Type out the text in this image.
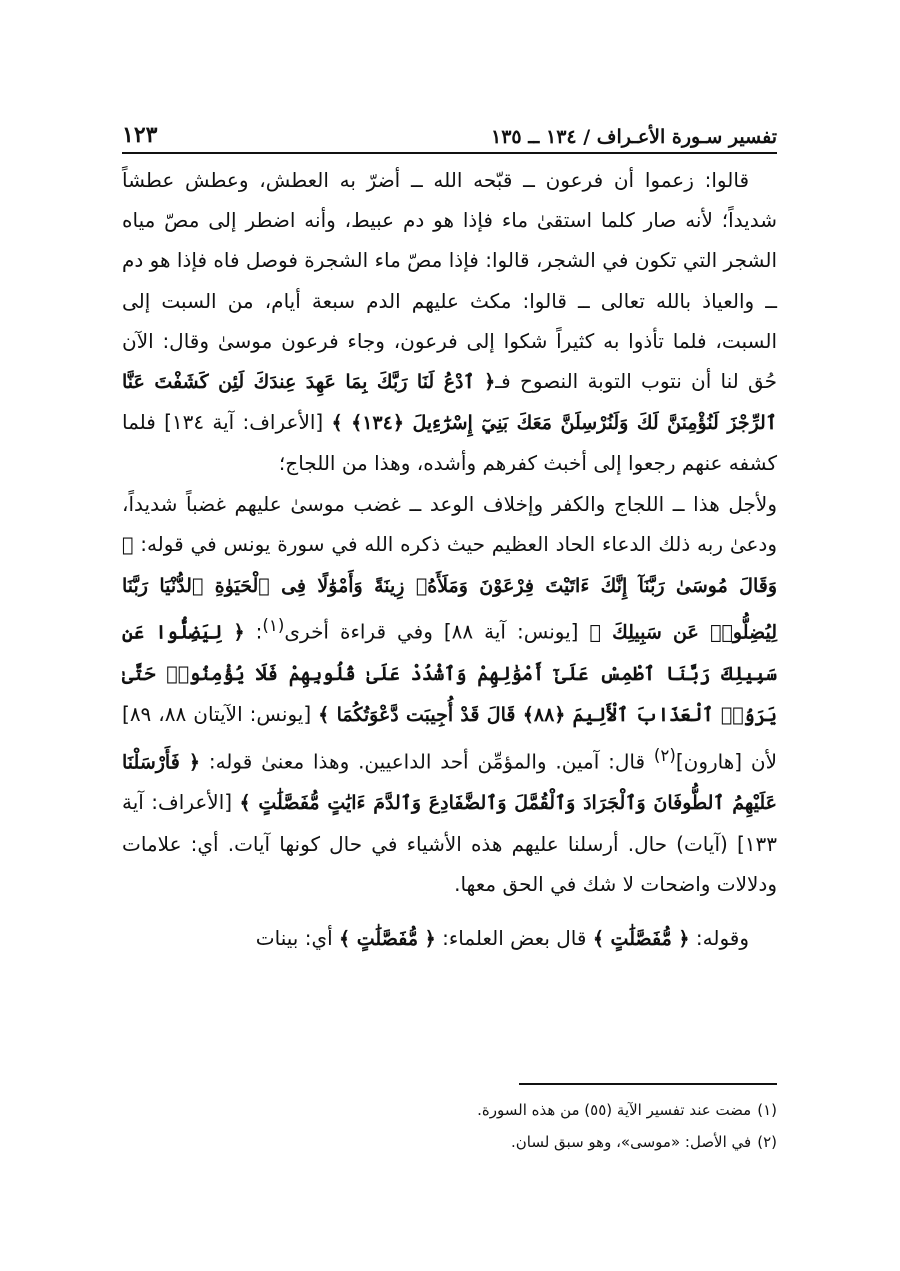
تفسير سـورة الأعـراف / ١٣٤ ــ ١٣٥
١٢٣

قالوا: زعموا أن فرعون ــ قبّحه الله ــ أضرّ به العطش، وعطش عطشاً شديداً؛ لأنه صار كلما استقىٰ ماء فإذا هو دم عبيط، وأنه اضطر إلى مصّ مياه الشجر التي تكون في الشجر، قالوا: فإذا مصّ ماء الشجرة فوصل فاه فإذا هو دم ــ والعياذ بالله تعالى ــ قالوا: مكث عليهم الدم سبعة أيام، من السبت إلى السبت، فلما تأذوا به كثيراً شكوا إلى فرعون، وجاء فرعون موسىٰ وقال: الآن حُق لنا أن نتوب التوبة النصوح فـ﴿ ٱدْعُ لَنَا رَبَّكَ بِمَا عَهِدَ عِندَكَ لَئِن كَشَفْتَ عَنَّا ٱلرِّجْزَ لَنُؤْمِنَنَّ لَكَ وَلَنُرْسِلَنَّ مَعَكَ بَنِيٓ إِسْرَٰٓءِيلَ ﴿١٣٤﴾ ﴾ [الأعراف: آية ١٣٤] فلما كشفه عنهم رجعوا إلى أخبث كفرهم وأشده، وهذا من اللجاج؛

ولأجل هذا ــ اللجاج والكفر وإخلاف الوعد ــ غضب موسىٰ عليهم غضباً شديداً، ودعىٰ ربه ذلك الدعاء الحاد العظيم حيث ذكره الله في سورة يونس في قوله: ﴿ وَقَالَ مُوسَىٰ رَبَّنَآ إِنَّكَ ءَاتَيْتَ فِرْعَوْنَ وَمَلَأَهُۥ زِينَةً وَأَمْوَٰلًا فِى ٱلْحَيَوٰةِ ٱلدُّنْيَا رَبَّنَا لِيُضِلُّوا۟ عَن سَبِيلِكَ ﴾ [يونس: آية ٨٨] وفي قراءة أخرى$^{(١)}$: ﴿ لِيَضِلُّوا عَن سَبِيلِكَ رَبَّنَا ٱطْمِسْ عَلَىٰٓ أَمْوَٰلِهِمْ وَٱشْدُدْ عَلَىٰ قُلُوبِهِمْ فَلَا يُؤْمِنُوا۟ حَتَّىٰ يَرَوُا۟ ٱلْعَذَابَ ٱلْأَلِيمَ ﴿٨٨﴾ قَالَ قَدْ أُجِيبَت دَّعْوَتُكُمَا ﴾ [يونس: الآيتان ٨٨، ٨٩] لأن [هارون]$^{(٢)}$ قال: آمين. والمؤمِّن أحد الداعيين. وهذا معنىٰ قوله: ﴿ فَأَرْسَلْنَا عَلَيْهِمُ ٱلطُّوفَانَ وَٱلْجَرَادَ وَٱلْقُمَّلَ وَٱلضَّفَادِعَ وَٱلدَّمَ ءَايَٰتٍ مُّفَصَّلَٰتٍ ﴾ [الأعراف: آية ١٣٣] (آيات) حال. أرسلنا عليهم هذه الأشياء في حال كونها آيات. أي: علامات ودلالات واضحات لا شك في الحق معها.

وقوله: ﴿ مُّفَصَّلَٰتٍ ﴾ قال بعض العلماء: ﴿ مُّفَصَّلَٰتٍ ﴾ أي: بينات

(١)مضت عند تفسير الآية (٥٥) من هذه السورة.

(٢)في الأصل: «موسى»، وهو سبق لسان.
